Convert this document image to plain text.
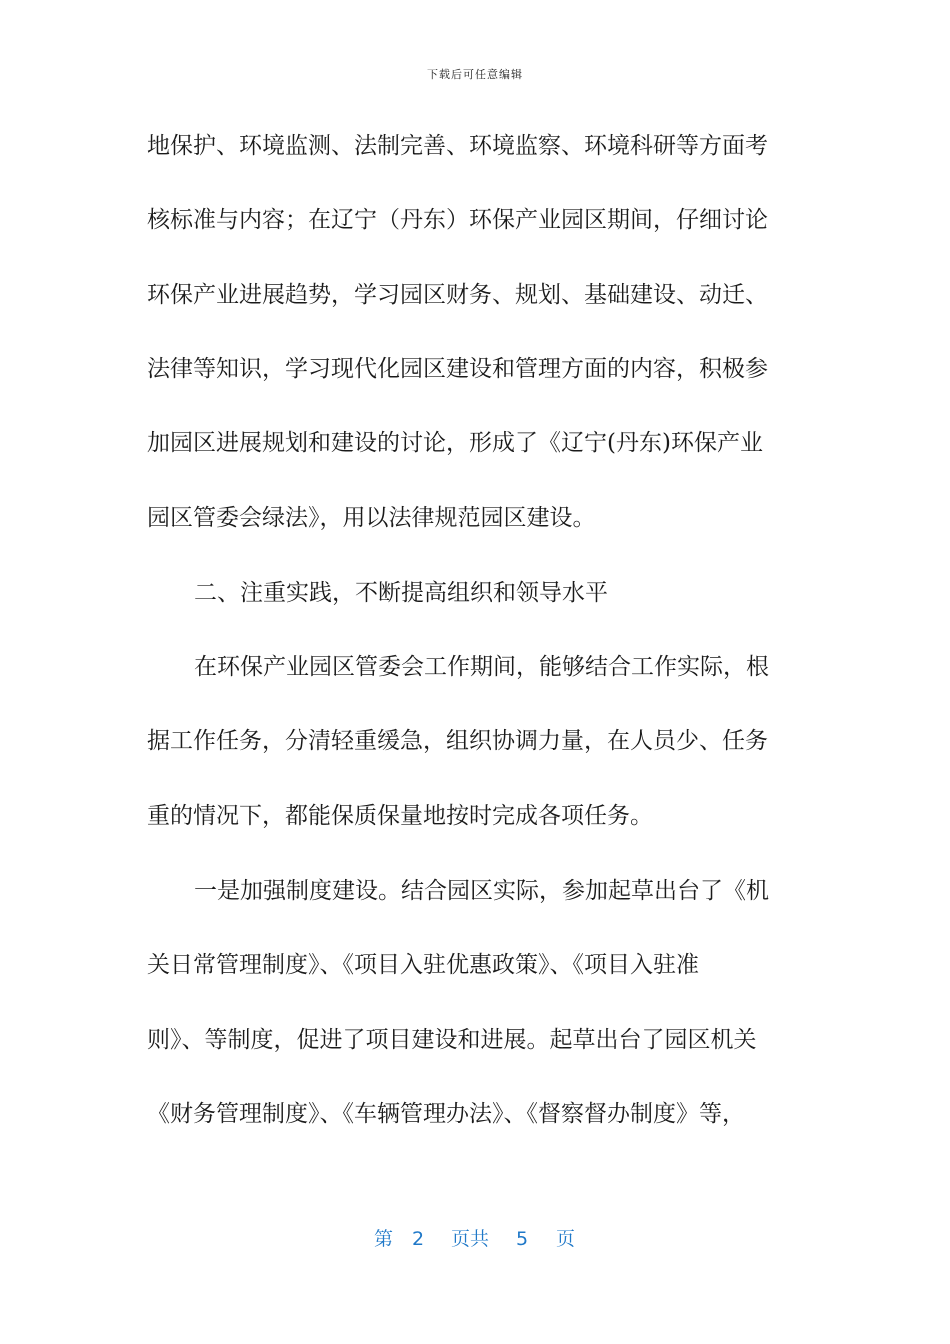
下载后可任意编辑
地保护、环境监测、法制完善、环境监察、环境科研等方面考
核标准与内容；在辽宁（丹东）环保产业园区期间，仔细讨论
环保产业进展趋势，学习园区财务、规划、基础建设、动迁、
法律等知识，学习现代化园区建设和管理方面的内容，积极参
加园区进展规划和建设的讨论，形成了《辽宁(丹东)环保产业
园区管委会绿法》，用以法律规范园区建设。
二、注重实践，不断提高组织和领导水平
在环保产业园区管委会工作期间，能够结合工作实际，根
据工作任务，分清轻重缓急，组织协调力量，在人员少、任务
重的情况下，都能保质保量地按时完成各项任务。
一是加强制度建设。结合园区实际，参加起草出台了《机
关日常管理制度》、《项目入驻优惠政策》、《项目入驻准
则》、等制度，促进了项目建设和进展。起草出台了园区机关
《财务管理制度》、《车辆管理办法》、《督察督办制度》等，
第 2 页共 5 页
